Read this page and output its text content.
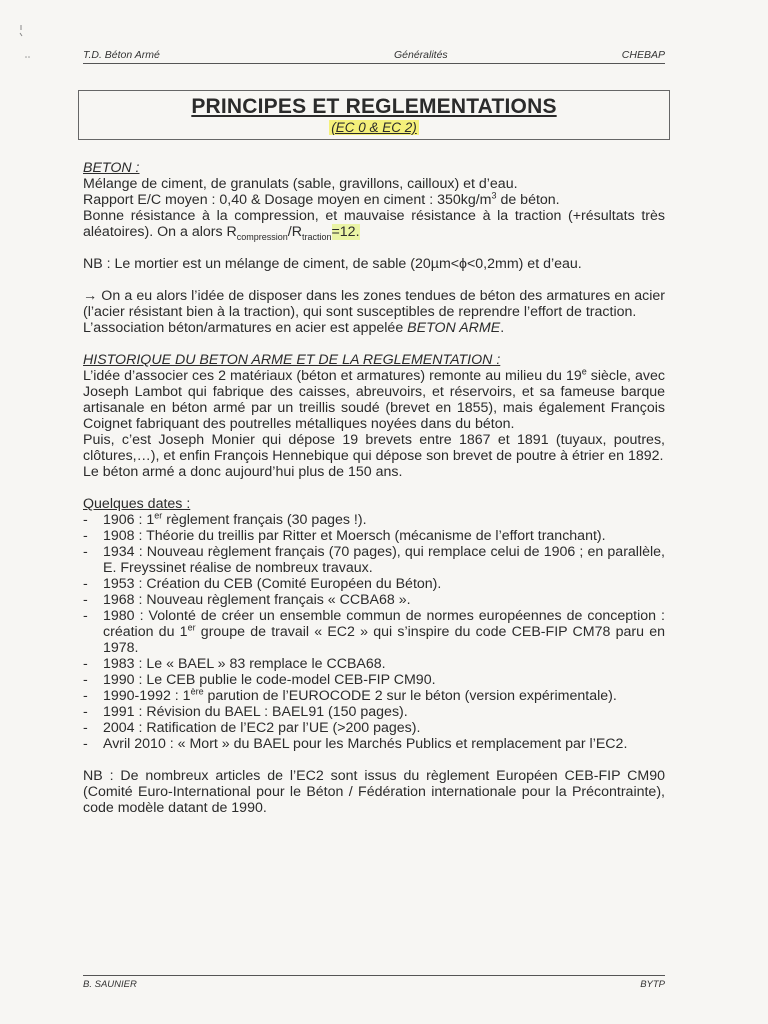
T.D. Béton Armé	Généralités	CHEBAP
PRINCIPES ET REGLEMENTATIONS
(EC 0 & EC 2)

BETON :

Mélange de ciment, de granulats (sable, gravillons, cailloux) et d’eau.

Rapport E/C moyen : 0,40 & Dosage moyen en ciment : $350kg/m^3$ de béton.

Bonne résistance à la compression, et mauvaise résistance à la traction (+résultats très aléatoires). On a alors $R_{compression}/R_{traction}=12$.

NB : Le mortier est un mélange de ciment, de sable (20µm<ϕ<0,2mm) et d’eau.

→ On a eu alors l’idée de disposer dans les zones tendues de béton des armatures en acier (l’acier résistant bien à la traction), qui sont susceptibles de reprendre l’effort de traction.

L’association béton/armatures en acier est appelée BETON ARME.

HISTORIQUE DU BETON ARME ET DE LA REGLEMENTATION :

L’idée d’associer ces 2 matériaux (béton et armatures) remonte au milieu du 19e siècle, avec Joseph Lambot qui fabrique des caisses, abreuvoirs, et réservoirs, et sa fameuse barque artisanale en béton armé par un treillis soudé (brevet en 1855), mais également François Coignet fabriquant des poutrelles métalliques noyées dans du béton.

Puis, c’est Joseph Monier qui dépose 19 brevets entre 1867 et 1891 (tuyaux, poutres, clôtures,…), et enfin François Hennebique qui dépose son brevet de poutre à étrier en 1892.

Le béton armé a donc aujourd’hui plus de 150 ans.

Quelques dates :

-	1906 : 1er règlement français (30 pages !).
-	1908 : Théorie du treillis par Ritter et Moersch (mécanisme de l’effort tranchant).
-	1934 : Nouveau règlement français (70 pages), qui remplace celui de 1906 ; en parallèle, E. Freyssinet réalise de nombreux travaux.
-	1953 : Création du CEB (Comité Européen du Béton).
-	1968 : Nouveau règlement français « CCBA68 ».
-	1980 : Volonté de créer un ensemble commun de normes européennes de conception : création du 1er groupe de travail « EC2 » qui s’inspire du code CEB-FIP CM78 paru en 1978.
-	1983 : Le « BAEL » 83 remplace le CCBA68.
-	1990 : Le CEB publie le code-model CEB-FIP CM90.
-	1990-1992 : 1ère parution de l’EUROCODE 2 sur le béton (version expérimentale).
-	1991 : Révision du BAEL : BAEL91 (150 pages).
-	2004 : Ratification de l’EC2 par l’UE (>200 pages).
-	Avril 2010 : « Mort » du BAEL pour les Marchés Publics et remplacement par l’EC2.

NB : De nombreux articles de l’EC2 sont issus du règlement Européen CEB-FIP CM90 (Comité Euro-International pour le Béton / Fédération internationale pour la Précontrainte), code modèle datant de 1990.

B. SAUNIER	BYTP
